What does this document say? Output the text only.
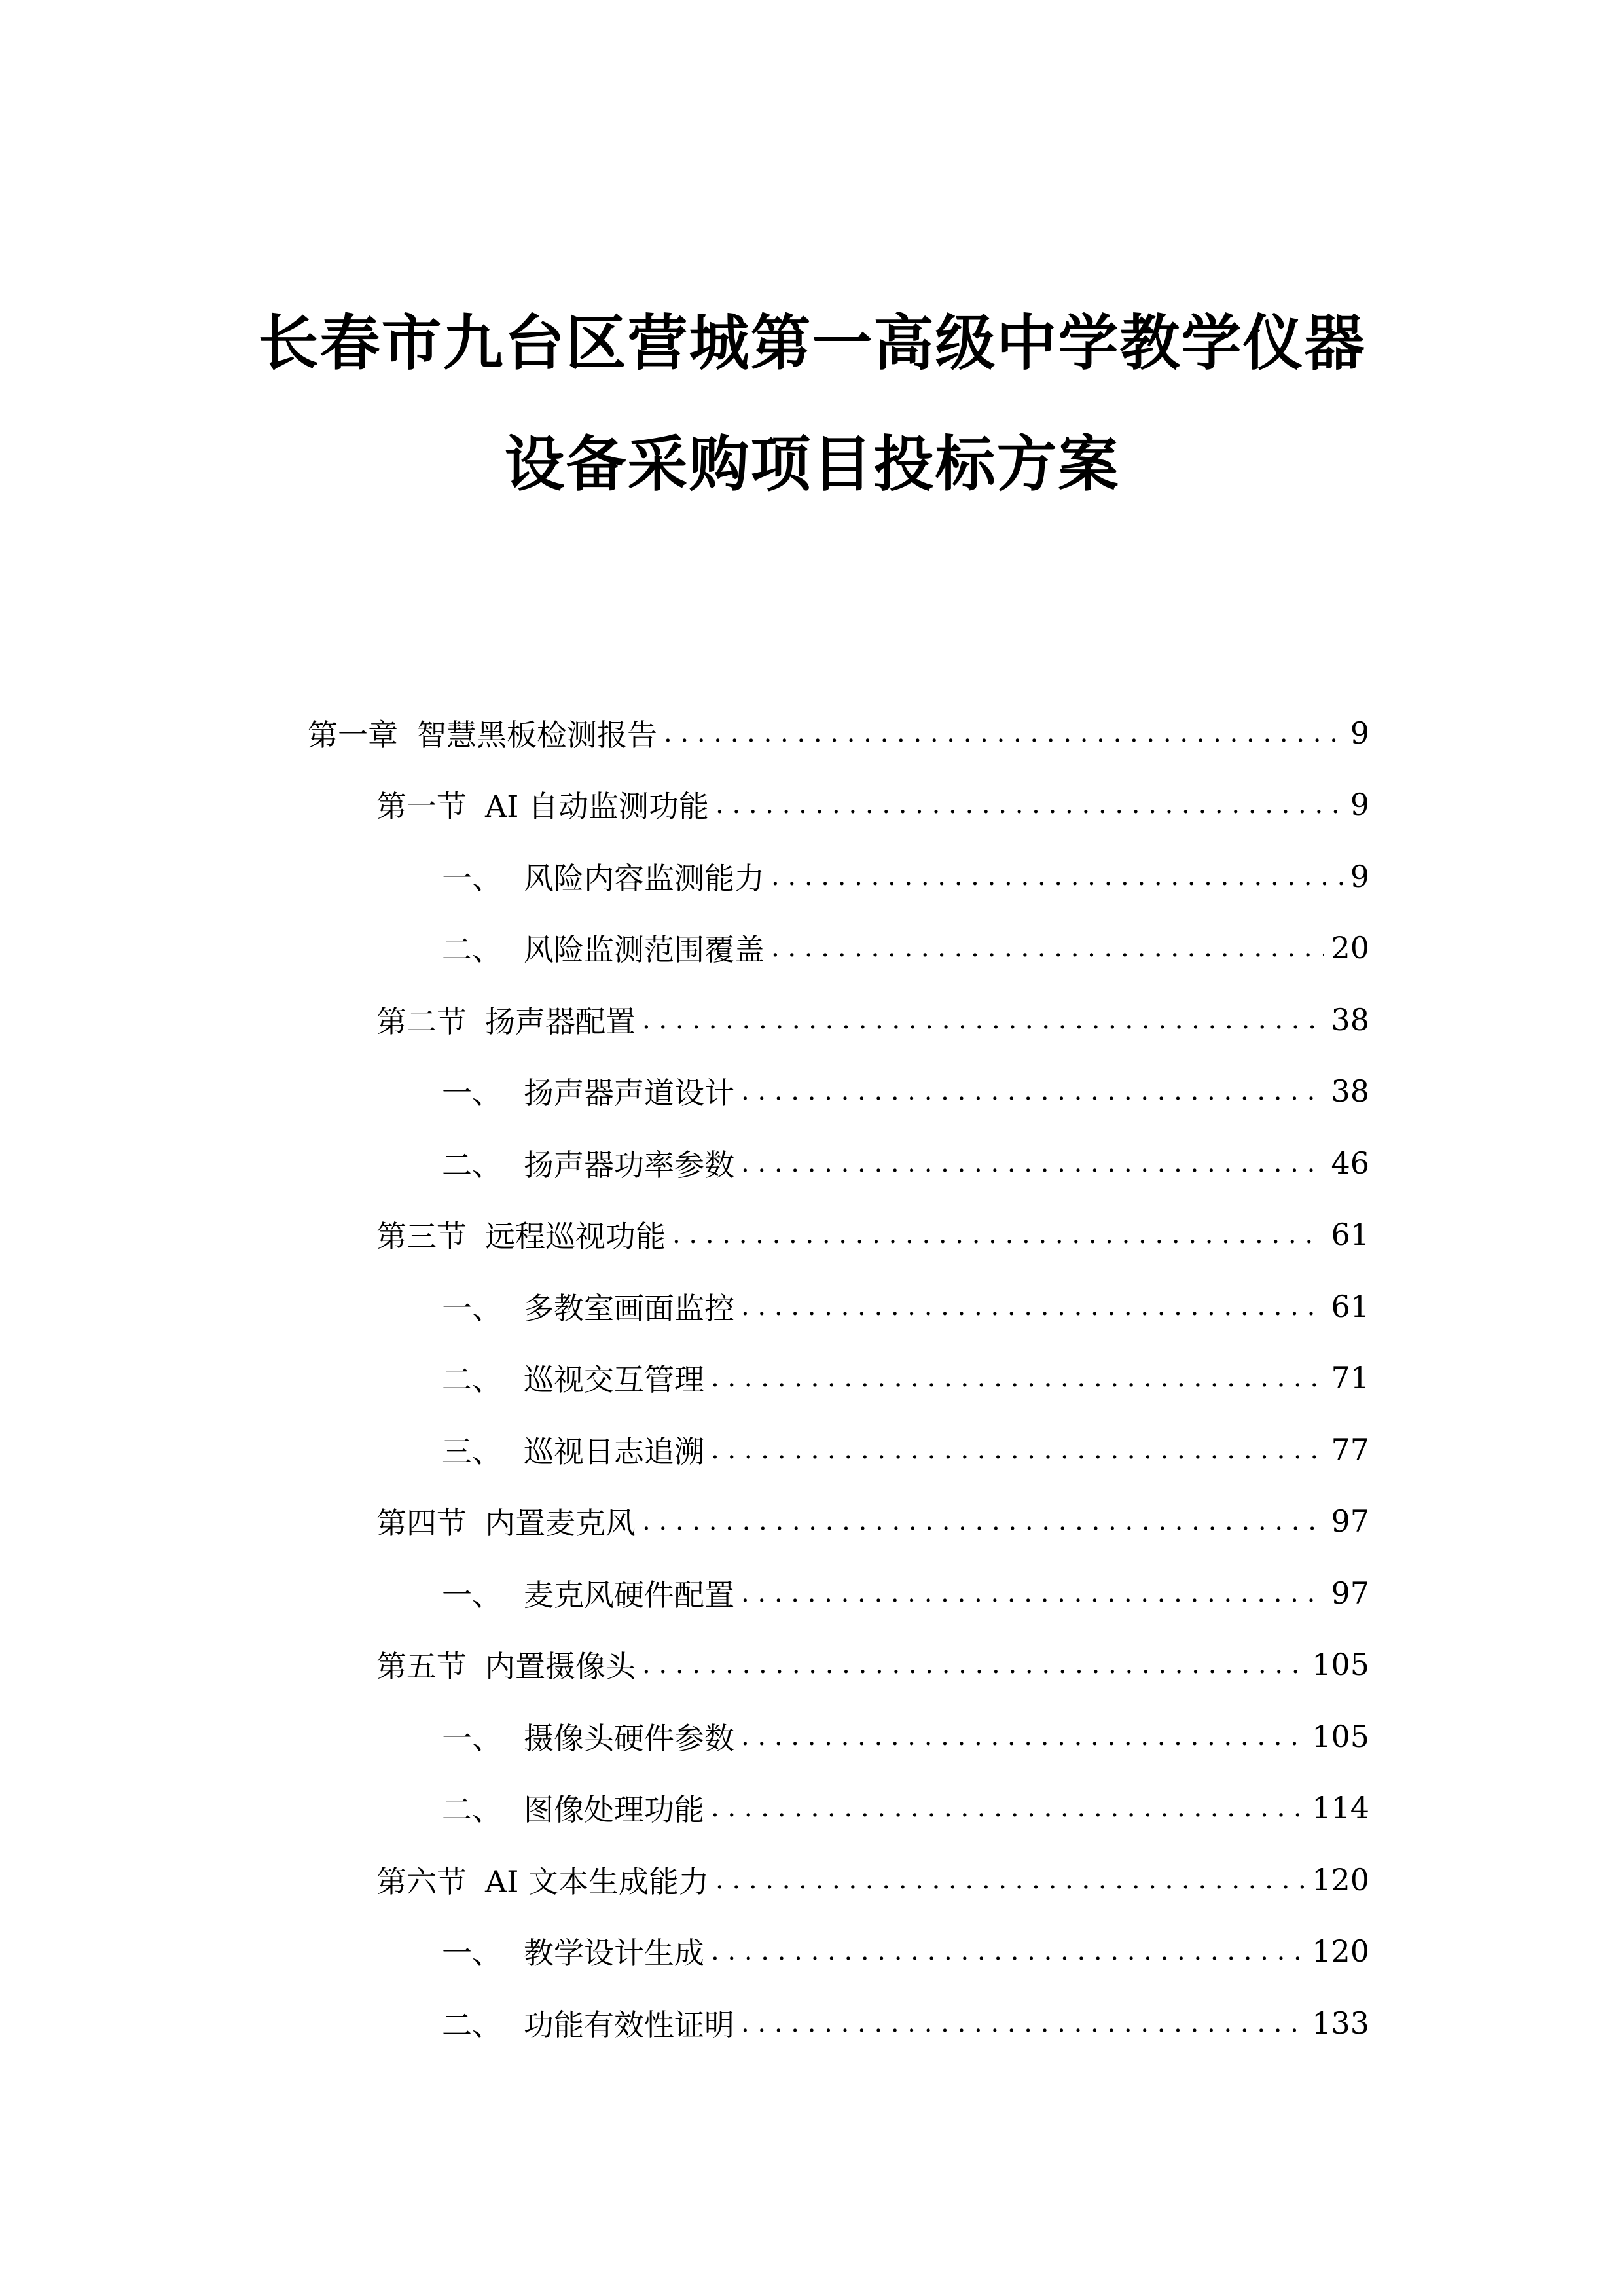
长春市九台区营城第一高级中学教学仪器
设备采购项目投标方案
第一章 智慧黑板检测报告 . . .	9
第一节 AI 自动监测功能 . . .	9
一、 风险内容监测能力 . . .	9
二、 风险监测范围覆盖 . . .	20
第二节 扬声器配置 . . .	38
一、 扬声器声道设计 . . .	38
二、 扬声器功率参数 . . .	46
第三节 远程巡视功能 . . .	61
一、 多教室画面监控 . . .	61
二、 巡视交互管理 . . .	71
三、 巡视日志追溯 . . .	77
第四节 内置麦克风 . . .	97
一、 麦克风硬件配置 . . .	97
第五节 内置摄像头 . . .	105
一、 摄像头硬件参数 . . .	105
二、 图像处理功能 . . .	114
第六节 AI 文本生成能力 . . .	120
一、 教学设计生成 . . .	120
二、 功能有效性证明 . . .	133
